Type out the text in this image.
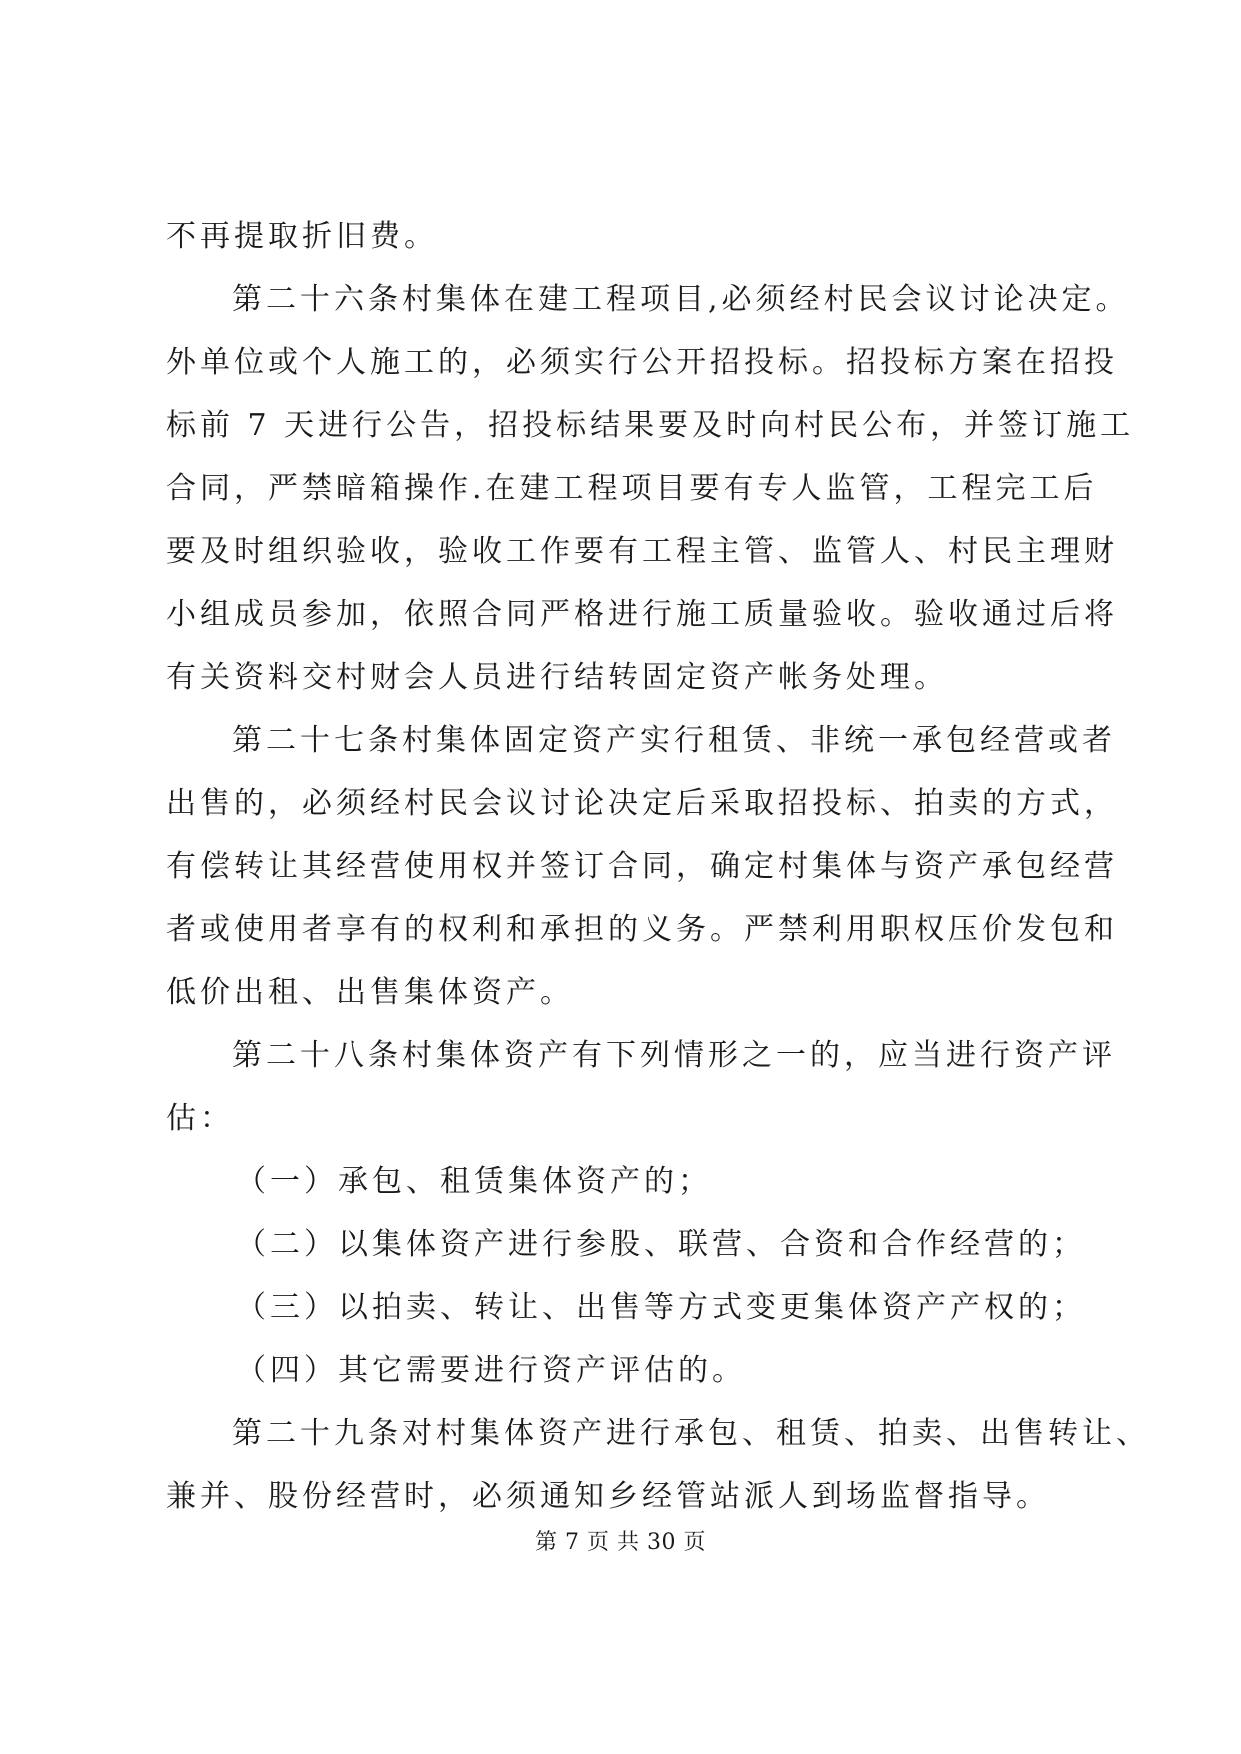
不再提取折旧费。
第二十六条村集体在建工程项目,必须经村民会议讨论决定。
外单位或个人施工的，必须实行公开招投标。招投标方案在招投
标前 7 天进行公告，招投标结果要及时向村民公布，并签订施工
合同，严禁暗箱操作.在建工程项目要有专人监管，工程完工后
要及时组织验收，验收工作要有工程主管、监管人、村民主理财
小组成员参加，依照合同严格进行施工质量验收。验收通过后将
有关资料交村财会人员进行结转固定资产帐务处理。
第二十七条村集体固定资产实行租赁、非统一承包经营或者
出售的，必须经村民会议讨论决定后采取招投标、拍卖的方式，
有偿转让其经营使用权并签订合同，确定村集体与资产承包经营
者或使用者享有的权利和承担的义务。严禁利用职权压价发包和
低价出租、出售集体资产。
第二十八条村集体资产有下列情形之一的，应当进行资产评
估：
（一）承包、租赁集体资产的；
（二）以集体资产进行参股、联营、合资和合作经营的；
（三）以拍卖、转让、出售等方式变更集体资产产权的；
（四）其它需要进行资产评估的。
第二十九条对村集体资产进行承包、租赁、拍卖、出售转让、
兼并、股份经营时，必须通知乡经管站派人到场监督指导。
第 7 页 共 30 页
